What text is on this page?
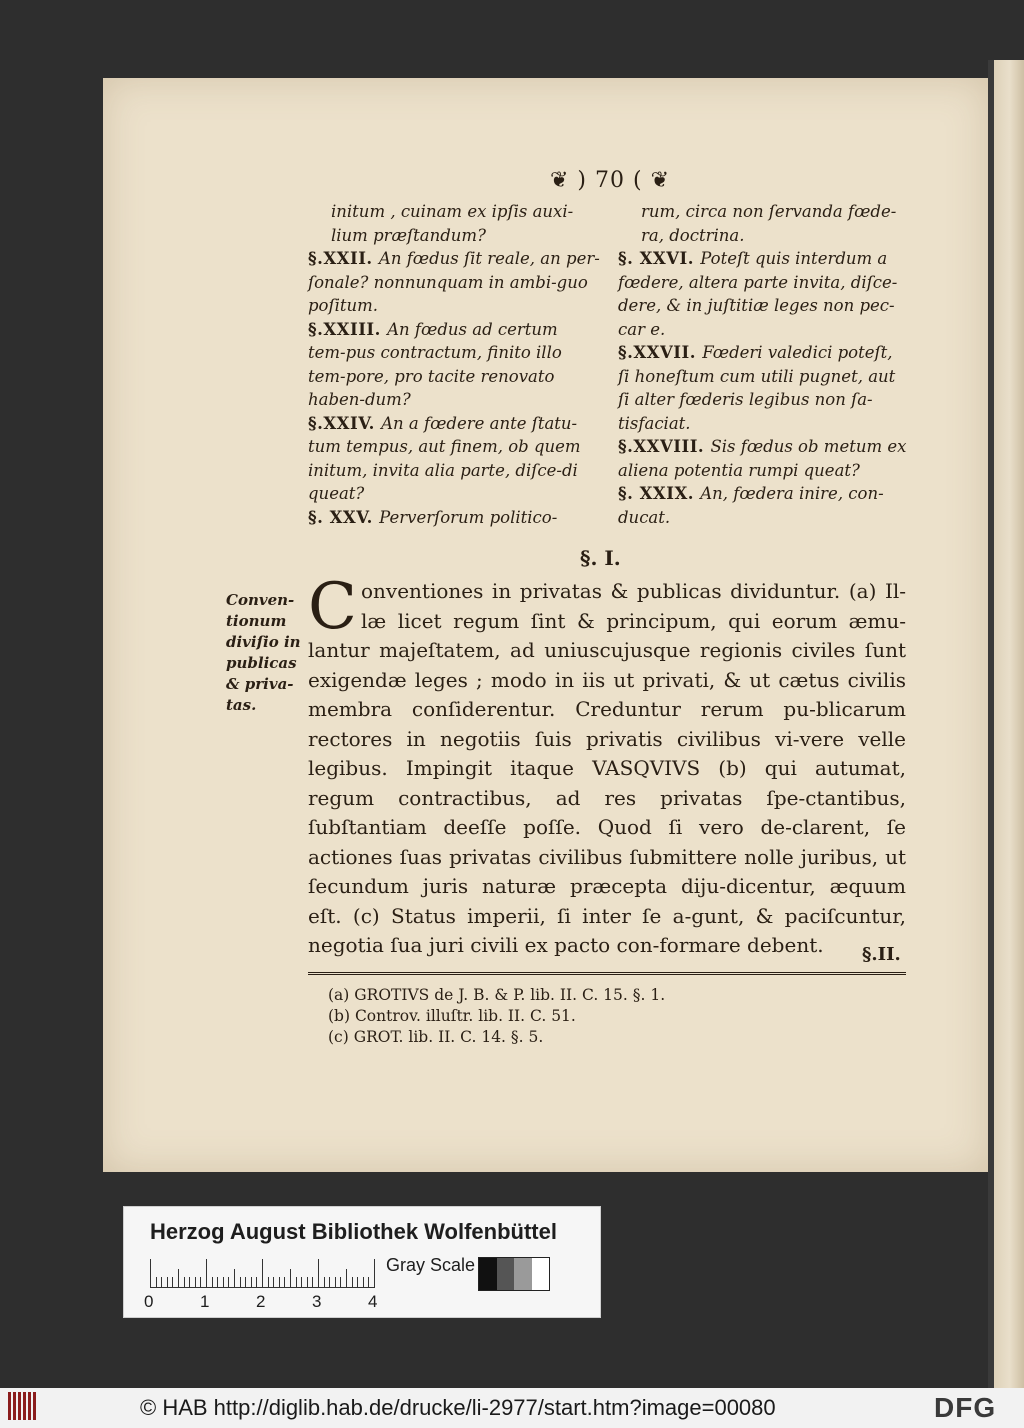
❦ ) 70 ( ❦

initum , cuinam ex ipſis auxi-lium præſtandum?

§.XXII. An fœdus ſit reale, an per-ſonale? nonnunquam in ambi-guo poſitum.

§.XXIII. An fœdus ad certum tem-pus contractum, finito illo tem-pore, pro tacite renovato haben-dum?

§.XXIV. An a fœdere ante ſtatu-tum tempus, aut finem, ob quem initum, invita alia parte, diſce-di queat?

§. XXV. Perverſorum politico-

rum, circa non ſervanda fœde-ra, doctrina.

§. XXVI. Poteſt quis interdum a fœdere, altera parte invita, diſce-dere, & in juſtitiæ leges non pec-car e.

§.XXVII. Fœderi valedici poteſt, ſi honeſtum cum utili pugnet, aut ſi alter fœderis legibus non ſa-tisfaciat.

§.XXVIII. Sis fœdus ob metum ex aliena potentia rumpi queat?

§. XXIX. An, fœdera inire, con-ducat.

§. I.
Conven-tionum diviſio in publicas & priva-tas.
Conventiones in privatas & publicas dividuntur. (a) Il-læ licet regum ſint & principum, qui eorum æmu-lantur majeſtatem, ad uniuscujusque regionis civiles ſunt exigendæ leges ; modo in iis ut privati, & ut cætus civilis membra conſiderentur. Creduntur rerum pu-blicarum rectores in negotiis ſuis privatis civilibus vi-vere velle legibus. Impingit itaque VASQVIVS (b) qui autumat, regum contractibus, ad res privatas ſpe-ctantibus, ſubſtantiam deeſſe poſſe. Quod ſi vero de-clarent, ſe actiones ſuas privatas civilibus ſubmittere nolle juribus, ut ſecundum juris naturæ præcepta diju-dicentur, æquum eſt. (c) Status imperii, ſi inter ſe a-gunt, & paciſcuntur, negotia ſua juri civili ex pacto con-formare debent.	§.II.

(a) GROTIVS de J. B. & P. lib. II. C. 15. §. 1.

(b) Controv. illuſtr. lib. II. C. 51.

(c) GROT. lib. II. C. 14. §. 5.

Herzog August Bibliothek Wolfenbüttel
0	1	2	3	4
Gray Scale
© HAB http://diglib.hab.de/drucke/li-2977/start.htm?image=00080	DFG
